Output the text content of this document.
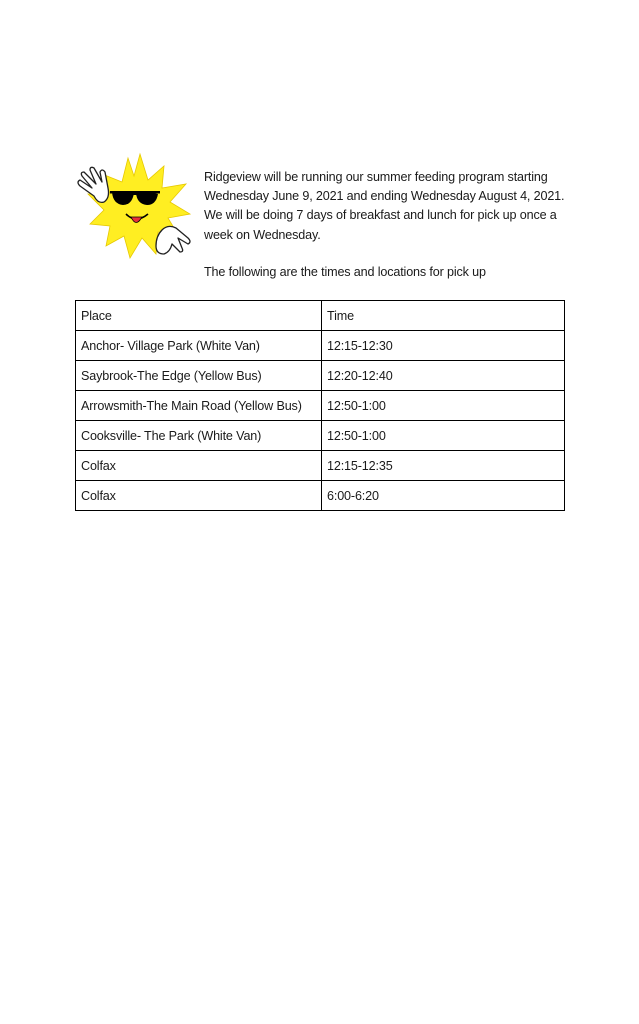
Ridgeview will be running our summer feeding program starting Wednesday June 9, 2021 and ending Wednesday August 4, 2021. We will be doing 7 days of breakfast and lunch for pick up once a week on Wednesday.

The following are the times and locations for pick up

Place	Time
Anchor- Village Park (White Van)	12:15-12:30
Saybrook-The Edge (Yellow Bus)	12:20-12:40
Arrowsmith-The Main Road (Yellow Bus)	12:50-1:00
Cooksville- The Park (White Van)	12:50-1:00
Colfax	12:15-12:35
Colfax	6:00-6:20
